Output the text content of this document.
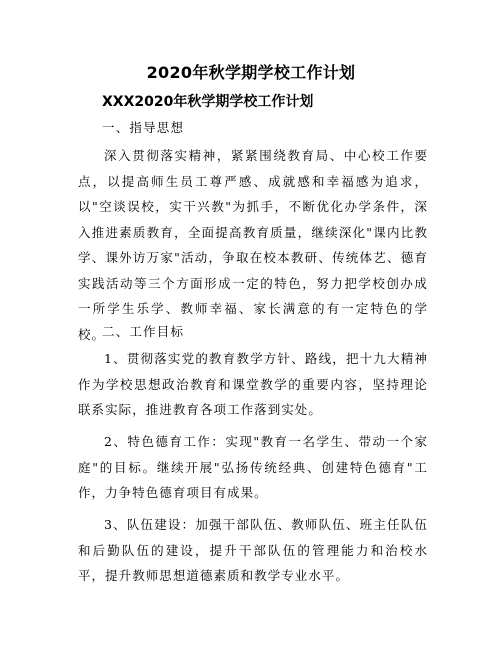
2020年秋学期学校工作计划
XXX2020年秋学期学校工作计划
一、指导思想

深入贯彻落实精神，紧紧围绕教育局、中心校工作要点，以提高师生员工尊严感、成就感和幸福感为追求，以"空谈误校，实干兴教"为抓手，不断优化办学条件，深入推进素质教育，全面提高教育质量，继续深化"课内比教学、课外访万家"活动，争取在校本教研、传统体艺、德育实践活动等三个方面形成一定的特色，努力把学校创办成一所学生乐学、教师幸福、家长满意的有一定特色的学校。

二、工作目标

1、贯彻落实党的教育教学方针、路线，把十九大精神作为学校思想政治教育和课堂教学的重要内容，坚持理论联系实际，推进教育各项工作落到实处。

2、特色德育工作：实现"教育一名学生、带动一个家庭"的目标。继续开展"弘扬传统经典、创建特色德育"工作，力争特色德育项目有成果。

3、队伍建设：加强干部队伍、教师队伍、班主任队伍和后勤队伍的建设，提升干部队伍的管理能力和治校水平，提升教师思想道德素质和教学专业水平。
